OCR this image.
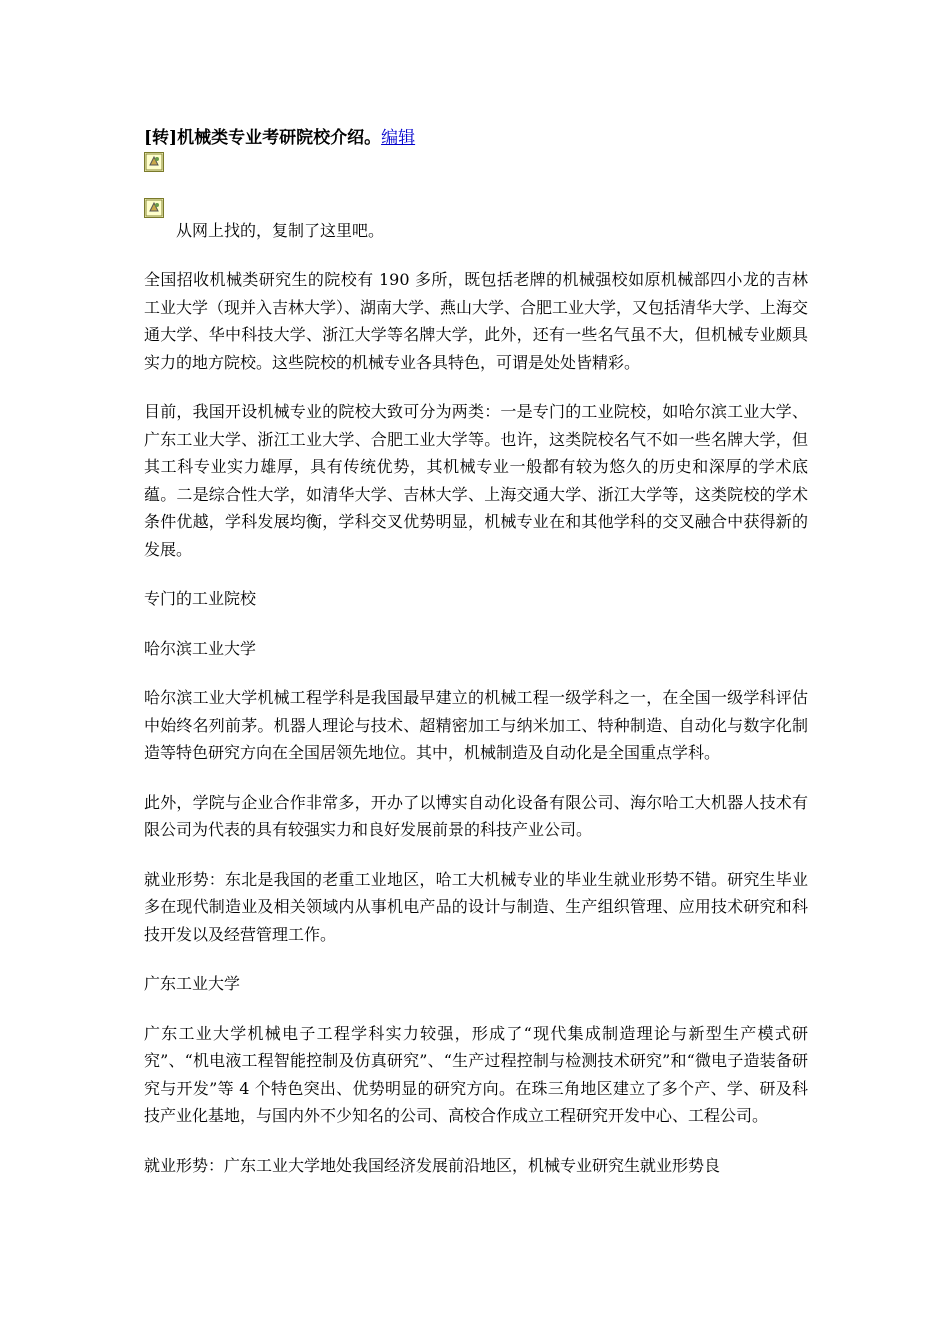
[转]机械类专业考研院校介绍。编辑

从网上找的，复制了这里吧。

全国招收机械类研究生的院校有 190 多所，既包括老牌的机械强校如原机械部四小龙的吉林工业大学（现并入吉林大学）、湖南大学、燕山大学、合肥工业大学，又包括清华大学、上海交通大学、华中科技大学、浙江大学等名牌大学，此外，还有一些名气虽不大，但机械专业颇具实力的地方院校。这些院校的机械专业各具特色，可谓是处处皆精彩。

目前，我国开设机械专业的院校大致可分为两类：一是专门的工业院校，如哈尔滨工业大学、广东工业大学、浙江工业大学、合肥工业大学等。也许，这类院校名气不如一些名牌大学，但其工科专业实力雄厚，具有传统优势，其机械专业一般都有较为悠久的历史和深厚的学术底蕴。二是综合性大学，如清华大学、吉林大学、上海交通大学、浙江大学等，这类院校的学术条件优越，学科发展均衡，学科交叉优势明显，机械专业在和其他学科的交叉融合中获得新的发展。

专门的工业院校

哈尔滨工业大学

哈尔滨工业大学机械工程学科是我国最早建立的机械工程一级学科之一，在全国一级学科评估中始终名列前茅。机器人理论与技术、超精密加工与纳米加工、特种制造、自动化与数字化制造等特色研究方向在全国居领先地位。其中，机械制造及自动化是全国重点学科。

此外，学院与企业合作非常多，开办了以博实自动化设备有限公司、海尔哈工大机器人技术有限公司为代表的具有较强实力和良好发展前景的科技产业公司。

就业形势：东北是我国的老重工业地区，哈工大机械专业的毕业生就业形势不错。研究生毕业多在现代制造业及相关领域内从事机电产品的设计与制造、生产组织管理、应用技术研究和科技开发以及经营管理工作。

广东工业大学

广东工业大学机械电子工程学科实力较强，形成了“现代集成制造理论与新型生产模式研究”、“机电液工程智能控制及仿真研究”、“生产过程控制与检测技术研究”和“微电子造装备研究与开发”等 4 个特色突出、优势明显的研究方向。在珠三角地区建立了多个产、学、研及科技产业化基地，与国内外不少知名的公司、高校合作成立工程研究开发中心、工程公司。

就业形势：广东工业大学地处我国经济发展前沿地区，机械专业研究生就业形势良
